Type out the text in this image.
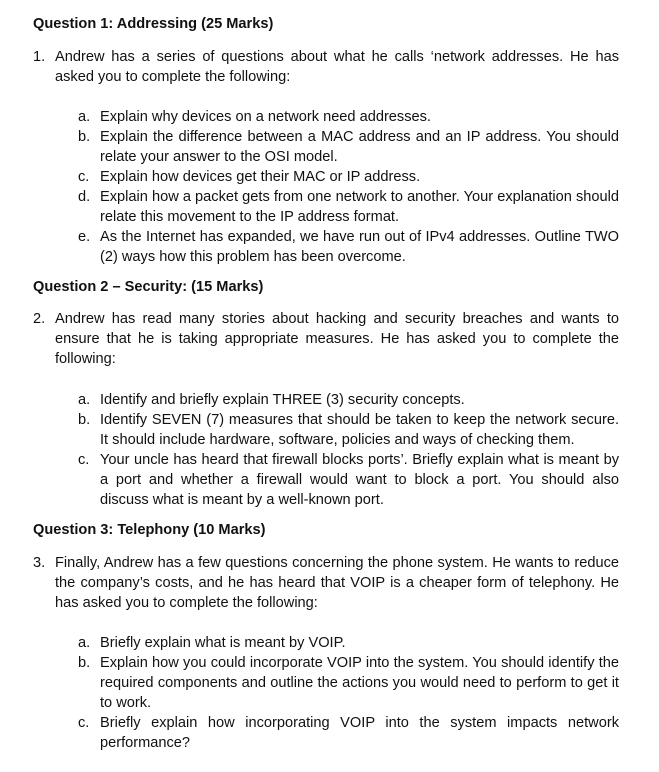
Question 1: Addressing (25 Marks)
1. Andrew has a series of questions about what he calls ‘network addresses. He has asked you to complete the following:
a. Explain why devices on a network need addresses.
b. Explain the difference between a MAC address and an IP address. You should relate your answer to the OSI model.
c. Explain how devices get their MAC or IP address.
d. Explain how a packet gets from one network to another. Your explanation should relate this movement to the IP address format.
e. As the Internet has expanded, we have run out of IPv4 addresses. Outline TWO (2) ways how this problem has been overcome.
Question 2 – Security: (15 Marks)
2. Andrew has read many stories about hacking and security breaches and wants to ensure that he is taking appropriate measures. He has asked you to complete the following:
a. Identify and briefly explain THREE (3) security concepts.
b. Identify SEVEN (7) measures that should be taken to keep the network secure. It should include hardware, software, policies and ways of checking them.
c. Your uncle has heard that firewall blocks ports’. Briefly explain what is meant by a port and whether a firewall would want to block a port. You should also discuss what is meant by a well-known port.
Question 3: Telephony (10 Marks)
3. Finally, Andrew has a few questions concerning the phone system. He wants to reduce the company’s costs, and he has heard that VOIP is a cheaper form of telephony. He has asked you to complete the following:
a. Briefly explain what is meant by VOIP.
b. Explain how you could incorporate VOIP into the system. You should identify the required components and outline the actions you would need to perform to get it to work.
c. Briefly explain how incorporating VOIP into the system impacts network performance?
